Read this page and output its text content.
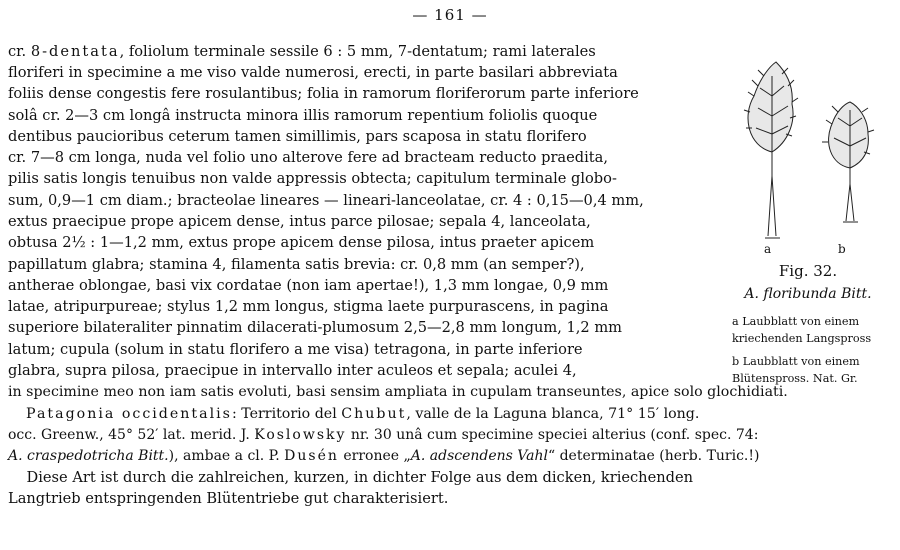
— 161 —
cr. 8-dentata, foliolum terminale sessile 6 : 5 mm, 7-dentatum; rami laterales
floriferi in specimine a me viso valde numerosi, erecti, in parte basilari abbreviata
foliis dense congestis fere rosulantibus; folia in ramorum floriferorum parte inferiore
solâ cr. 2—3 cm longâ instructa minora illis ramorum repentium foliolis quoque
dentibus paucioribus ceterum tamen simillimis, pars scaposa in statu florifero
cr. 7—8 cm longa, nuda vel folio uno alterove fere ad bracteam reducto praedita,
pilis satis longis tenuibus non valde appressis obtecta; capitulum terminale globo-
sum, 0,9—1 cm diam.; bracteolae lineares — lineari-lanceolatae, cr. 4 : 0,15—0,4 mm,
extus praecipue prope apicem dense, intus parce pilosae; sepala 4, lanceolata,
obtusa 2½ : 1—1,2 mm, extus prope apicem dense pilosa, intus praeter apicem
papillatum glabra; stamina 4, filamenta satis brevia: cr. 0,8 mm (an semper?),
antherae oblongae, basi vix cordatae (non iam apertae!), 1,3 mm longae, 0,9 mm
latae, atripurpureae; stylus 1,2 mm longus, stigma laete purpurascens, in pagina
superiore bilateraliter pinnatim dilacerati-plumosum 2,5—2,8 mm longum, 1,2 mm
latum; cupula (solum in statu florifero a me visa) tetragona, in parte inferiore
glabra, supra pilosa, praecipue in intervallo inter aculeos et sepala; aculei 4,
in specimine meo non iam satis evoluti, basi sensim ampliata in cupulam transeuntes, apice solo glochidiati.
Patagonia occidentalis: Territorio del Chubut, valle de la Laguna blanca, 71° 15′ long.
occ. Greenw., 45° 52′ lat. merid. J. Koslowsky nr. 30 unâ cum specimine speciei alterius (conf. spec. 74:
A. craspedotricha Bitt.), ambae a cl. P. Dusén erronee „A. adscendens Vahl“ determinatae (herb. Turic.!)
Diese Art ist durch die zahlreichen, kurzen, in dichter Folge aus dem dicken, kriechenden
Langtrieb entspringenden Blütentriebe gut charakterisiert.
a	b
Fig. 32.
A. floribunda Bitt.
a Laubblatt von einem
kriechenden Langspross
b Laubblatt von einem
Blütenspross. Nat. Gr.
